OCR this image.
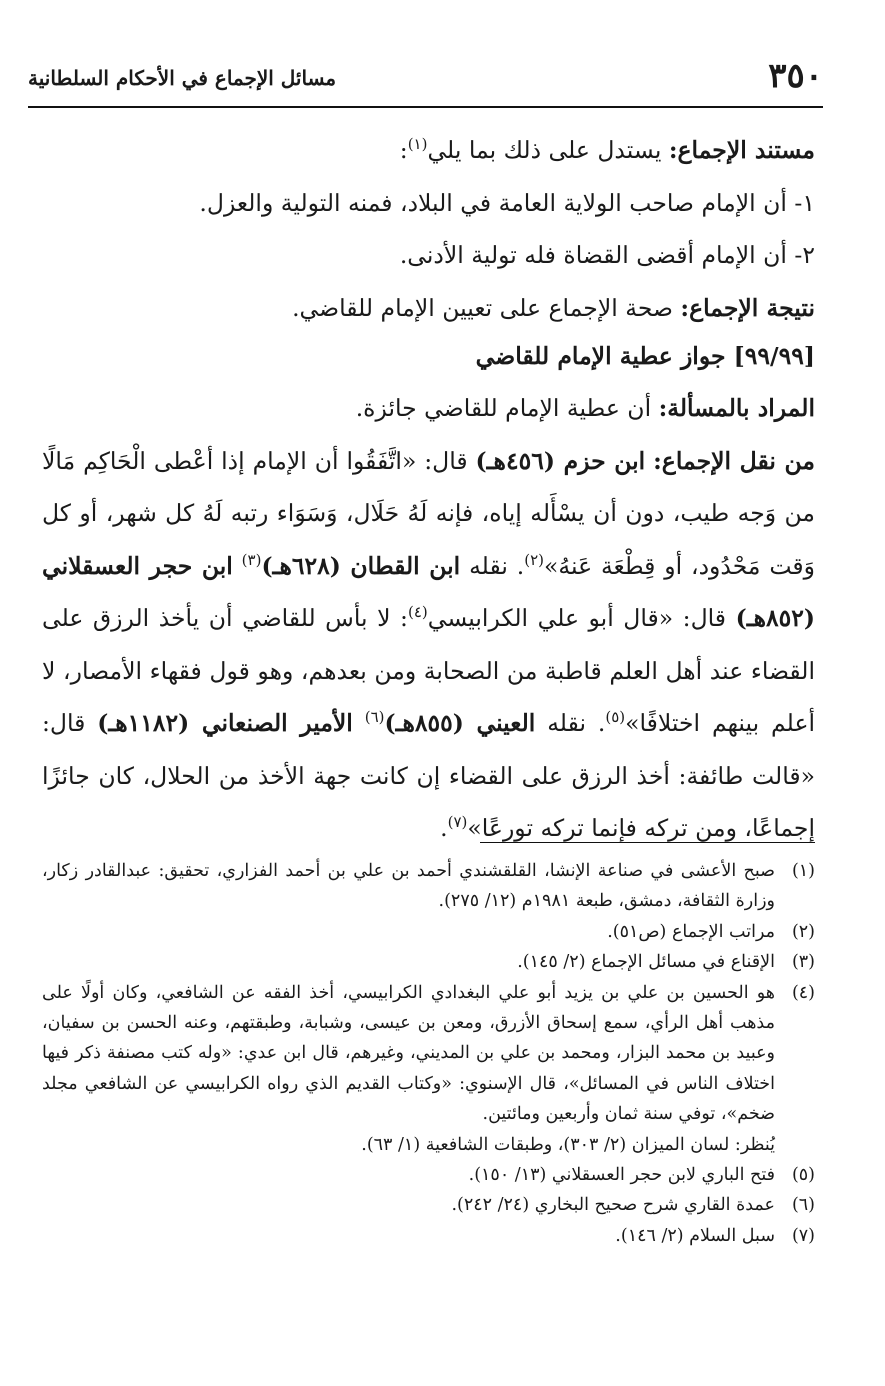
٣٥٠
مسائل الإجماع في الأحكام السلطانية

مستند الإجماع: يستدل على ذلك بما يلي$^{(١)}$:

١- أن الإمام صاحب الولاية العامة في البلاد، فمنه التولية والعزل.

٢- أن الإمام أقضى القضاة فله تولية الأدنى.

نتيجة الإجماع: صحة الإجماع على تعيين الإمام للقاضي.

[٩٩/٩٩] جواز عطية الإمام للقاضي

المراد بالمسألة: أن عطية الإمام للقاضي جائزة.

من نقل الإجماع: ابن حزم (٤٥٦هـ) قال: «اتَّفَقُوا أن الإمام إذا أعْطى الْحَاكِم مَالًا من وَجه طيب، دون أن يسْأَله إياه، فإنه لَهُ حَلَال، وَسَوَاء رتبه لَهُ كل شهر، أو كل وَقت مَحْدُود، أو قِطْعَة عَنهُ»$^{(٢)}$. نقله ابن القطان (٦٢٨هـ)$^{(٣)}$ ابن حجر العسقلاني (٨٥٢هـ) قال: «قال أبو علي الكرابيسي$^{(٤)}$: لا بأس للقاضي أن يأخذ الرزق على القضاء عند أهل العلم قاطبة من الصحابة ومن بعدهم، وهو قول فقهاء الأمصار، لا أعلم بينهم اختلافًا»$^{(٥)}$. نقله العيني (٨٥٥هـ)$^{(٦)}$ الأمير الصنعاني (١١٨٢هـ) قال: «قالت طائفة: أخذ الرزق على القضاء إن كانت جهة الأخذ من الحلال، كان جائزًا إجماعًا، ومن تركه فإنما تركه تورعًا»$^{(٧)}$.

(١)

صبح الأعشى في صناعة الإنشا، القلقشندي أحمد بن علي بن أحمد الفزاري، تحقيق: عبدالقادر زكار، وزارة الثقافة، دمشق، طبعة ١٩٨١م (١٢/ ٢٧٥).

(٢)

مراتب الإجماع (ص٥١).

(٣)

الإقناع في مسائل الإجماع (٢/ ١٤٥).

(٤)

هو الحسين بن علي بن يزيد أبو علي البغدادي الكرابيسي، أخذ الفقه عن الشافعي، وكان أولًا على مذهب أهل الرأي، سمع إسحاق الأزرق، ومعن بن عيسى، وشبابة، وطبقتهم، وعنه الحسن بن سفيان، وعبيد بن محمد البزار، ومحمد بن علي بن المديني، وغيرهم، قال ابن عدي: «وله كتب مصنفة ذكر فيها اختلاف الناس في المسائل»، قال الإسنوي: «وكتاب القديم الذي رواه الكرابيسي عن الشافعي مجلد ضخم»، توفي سنة ثمان وأربعين ومائتين.

يُنظر: لسان الميزان (٢/ ٣٠٣)، وطبقات الشافعية (١/ ٦٣).

(٥)

فتح الباري لابن حجر العسقلاني (١٣/ ١٥٠).

(٦)

عمدة القاري شرح صحيح البخاري (٢٤/ ٢٤٢).

(٧)

سبل السلام (٢/ ١٤٦).
